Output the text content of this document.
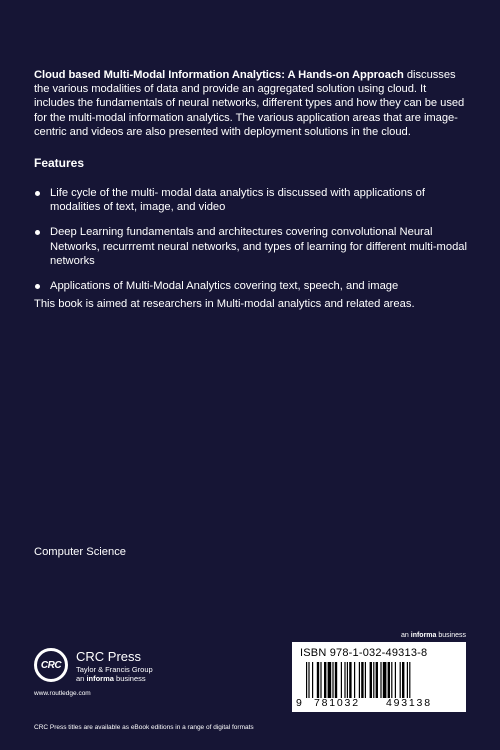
Cloud based Multi-Modal Information Analytics: A Hands-on Approach discusses the various modalities of data and provide an aggregated solution using cloud. It includes the fundamentals of neural networks, different types and how they can be used for the multi-modal information analytics. The various application areas that are image-centric and videos are also presented with deployment solutions in the cloud.

Features
Life cycle of the multi- modal data analytics is discussed with applications of modalities of text, image, and video
Deep Learning fundamentals and architectures covering convolutional Neural Networks, recurrremt neural networks, and types of learning for different multi-modal networks
Applications of Multi-Modal Analytics covering text, speech, and image

This book is aimed at researchers in Multi-modal analytics and related areas.

Computer Science

an informa business

CRC

CRC Press

Taylor & Francis Group

an informa business

www.routledge.com

CRC Press titles are available as eBook editions in a range of digital formats

ISBN 978-1-032-49313-8

9 781032 493138
